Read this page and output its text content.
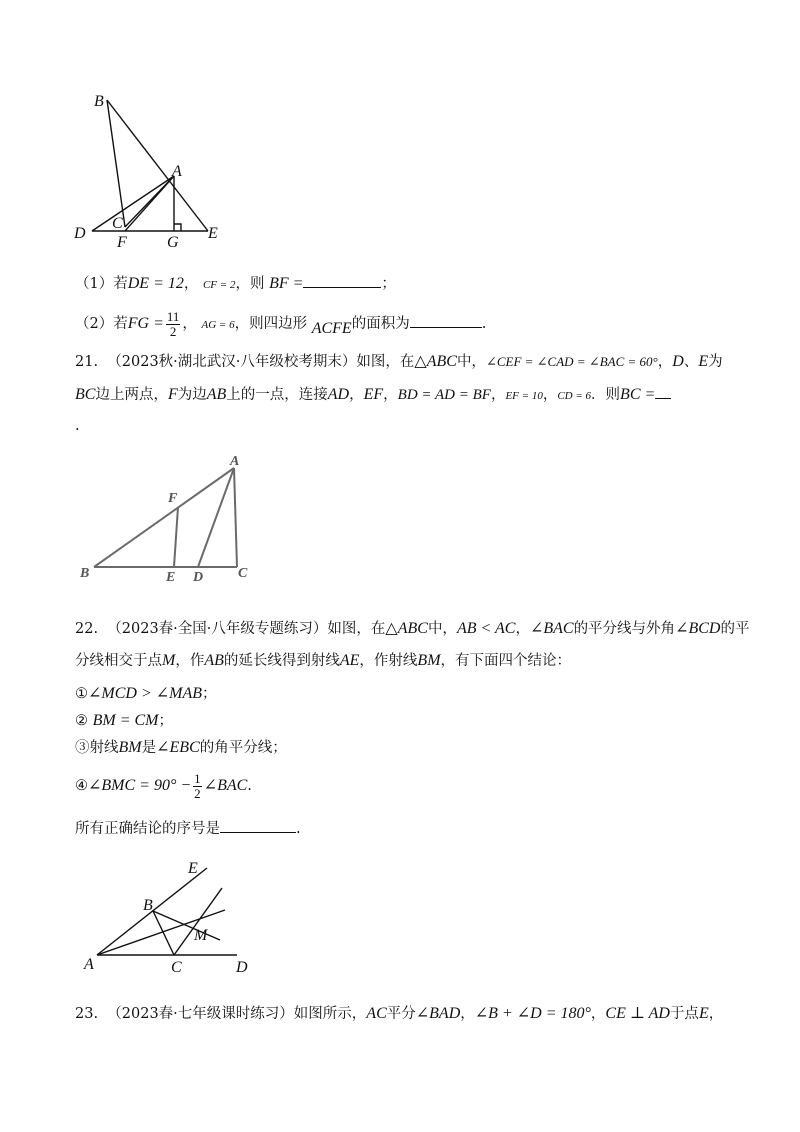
B
A
C
D
F	G
E
（1）若DE = 12， CF = 2，则 BF =	；
（2）若FG = $\frac{11}{2}$ ， AG = 6，则四边形 ACFE的面积为	.
21. （2023秋·湖北武汉·八年级校考期末）如图，在△ABC中，∠CEF = ∠CAD = ∠BAC = 60°，D、E为
BC边上两点，F为边AB上的一点，连接AD，EF，BD = AD = BF，EF = 10，CD = 6．则BC =
.
A
F
B	E D C
22. （2023春·全国·八年级专题练习）如图，在△ABC中，AB < AC，∠BAC的平分线与外角∠BCD的平
分线相交于点M，作AB的延长线得到射线AE，作射线BM，有下面四个结论：
①∠MCD > ∠MAB；
② BM = CM；
③射线BM是∠EBC的角平分线；
④∠BMC = $90^\circ - \frac{1}{2}$ ∠BAC.
所有正确结论的序号是	.
E
B
M
A	C	D
23. （2023春·七年级课时练习）如图所示，AC平分∠BAD，∠B + ∠D = 180°，CE ⊥ AD于点E，
